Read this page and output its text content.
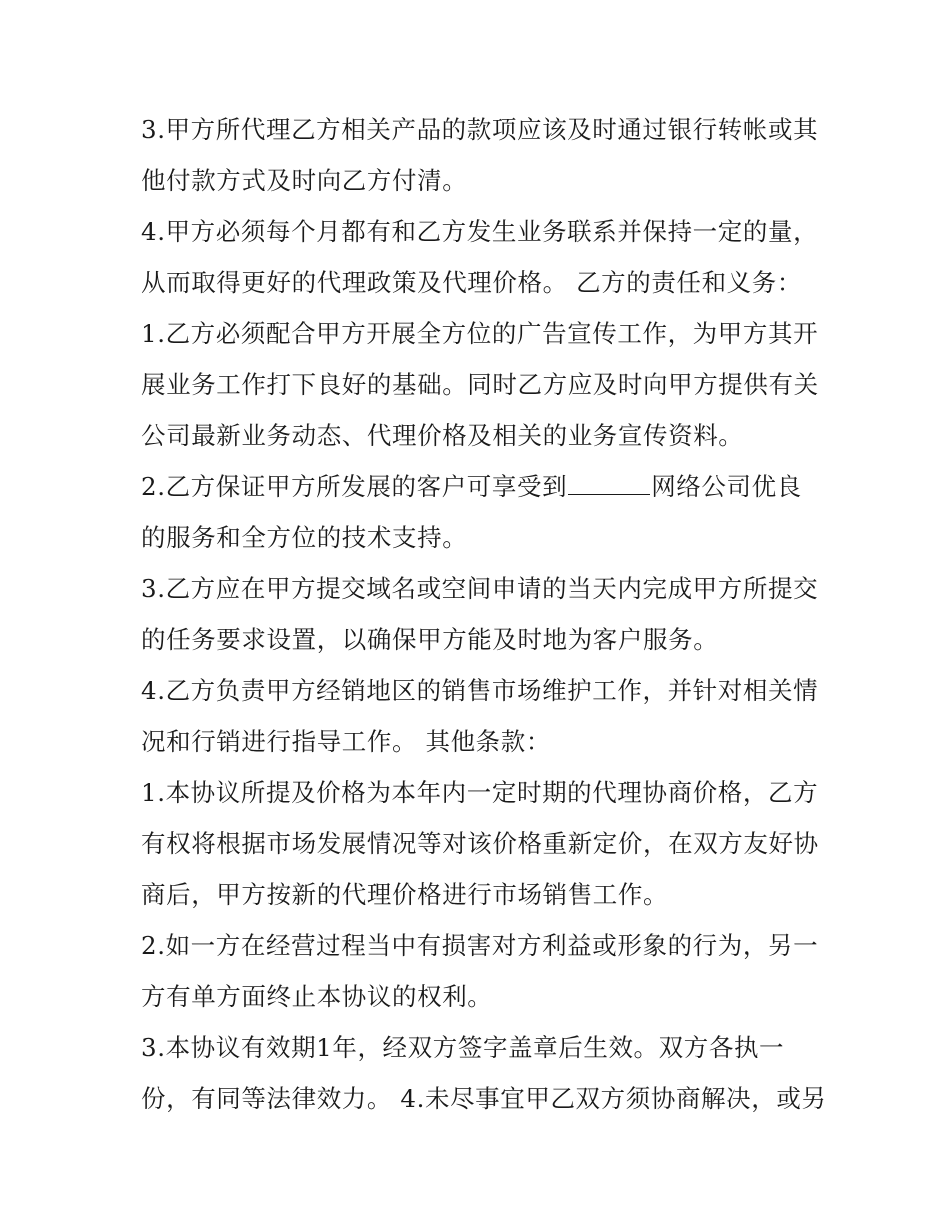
3.甲方所代理乙方相关产品的款项应该及时通过银行转帐或其
他付款方式及时向乙方付清。
4.甲方必须每个月都有和乙方发生业务联系并保持一定的量，
从而取得更好的代理政策及代理价格。 乙方的责任和义务：
1.乙方必须配合甲方开展全方位的广告宣传工作，为甲方其开
展业务工作打下良好的基础。同时乙方应及时向甲方提供有关
公司最新业务动态、代理价格及相关的业务宣传资料。
2.乙方保证甲方所发展的客户可享受到	网络公司优良
的服务和全方位的技术支持。
3.乙方应在甲方提交域名或空间申请的当天内完成甲方所提交
的任务要求设置，以确保甲方能及时地为客户服务。
4.乙方负责甲方经销地区的销售市场维护工作，并针对相关情
况和行销进行指导工作。 其他条款：
1.本协议所提及价格为本年内一定时期的代理协商价格，乙方
有权将根据市场发展情况等对该价格重新定价，在双方友好协
商后，甲方按新的代理价格进行市场销售工作。
2.如一方在经营过程当中有损害对方利益或形象的行为，另一
方有单方面终止本协议的权利。
3.本协议有效期1年，经双方签字盖章后生效。双方各执一
份，有同等法律效力。 4.未尽事宜甲乙双方须协商解决，或另
